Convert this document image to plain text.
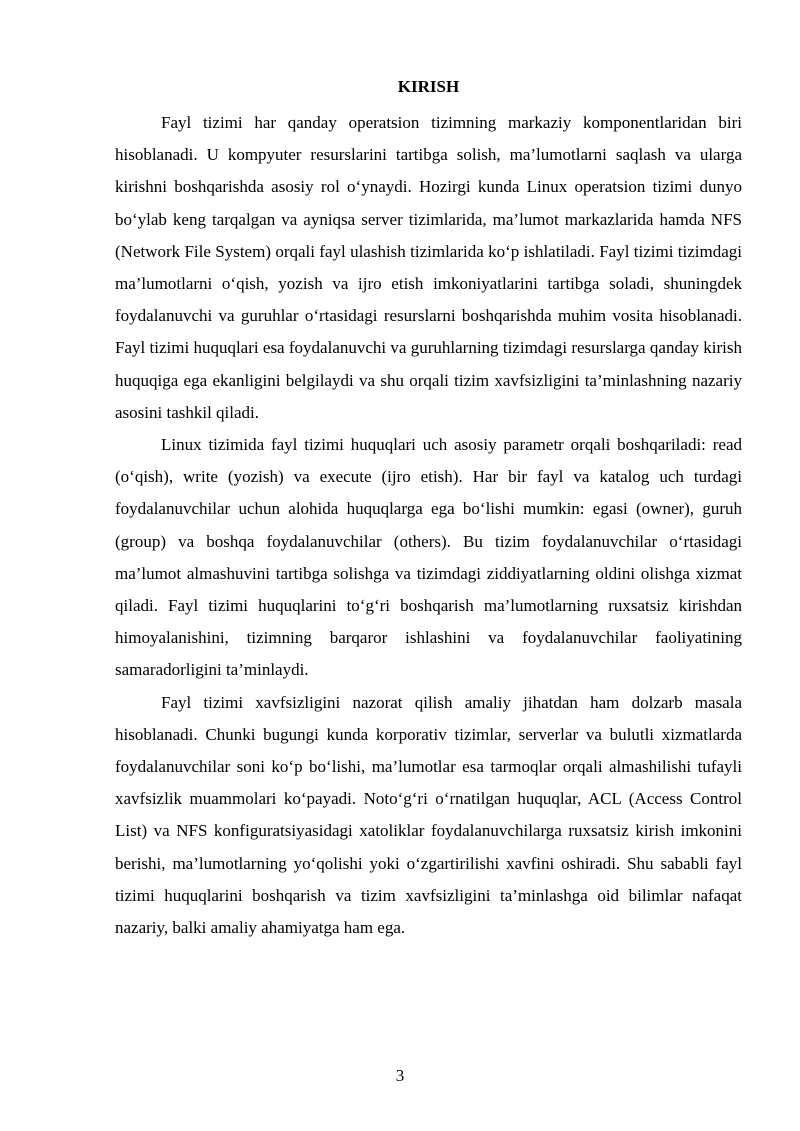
KIRISH

Fayl tizimi har qanday operatsion tizimning markaziy komponentlaridan biri hisoblanadi. U kompyuter resurslarini tartibga solish, ma’lumotlarni saqlash va ularga kirishni boshqarishda asosiy rol o‘ynaydi. Hozirgi kunda Linux operatsion tizimi dunyo bo‘ylab keng tarqalgan va ayniqsa server tizimlarida, ma’lumot markazlarida hamda NFS (Network File System) orqali fayl ulashish tizimlarida ko‘p ishlatiladi. Fayl tizimi tizimdagi ma’lumotlarni o‘qish, yozish va ijro etish imkoniyatlarini tartibga soladi, shuningdek foydalanuvchi va guruhlar o‘rtasidagi resurslarni boshqarishda muhim vosita hisoblanadi. Fayl tizimi huquqlari esa foydalanuvchi va guruhlarning tizimdagi resurslarga qanday kirish huquqiga ega ekanligini belgilaydi va shu orqali tizim xavfsizligini ta’minlashning nazariy asosini tashkil qiladi.

Linux tizimida fayl tizimi huquqlari uch asosiy parametr orqali boshqariladi: read (o‘qish), write (yozish) va execute (ijro etish). Har bir fayl va katalog uch turdagi foydalanuvchilar uchun alohida huquqlarga ega bo‘lishi mumkin: egasi (owner), guruh (group) va boshqa foydalanuvchilar (others). Bu tizim foydalanuvchilar o‘rtasidagi ma’lumot almashuvini tartibga solishga va tizimdagi ziddiyatlarning oldini olishga xizmat qiladi. Fayl tizimi huquqlarini to‘g‘ri boshqarish ma’lumotlarning ruxsatsiz kirishdan himoyalanishini, tizimning barqaror ishlashini va foydalanuvchilar faoliyatining samaradorligini ta’minlaydi.

Fayl tizimi xavfsizligini nazorat qilish amaliy jihatdan ham dolzarb masala hisoblanadi. Chunki bugungi kunda korporativ tizimlar, serverlar va bulutli xizmatlarda foydalanuvchilar soni ko‘p bo‘lishi, ma’lumotlar esa tarmoqlar orqali almashilishi tufayli xavfsizlik muammolari ko‘payadi. Noto‘g‘ri o‘rnatilgan huquqlar, ACL (Access Control List) va NFS konfiguratsiyasidagi xatoliklar foydalanuvchilarga ruxsatsiz kirish imkonini berishi, ma’lumotlarning yo‘qolishi yoki o‘zgartirilishi xavfini oshiradi. Shu sababli fayl tizimi huquqlarini boshqarish va tizim xavfsizligini ta’minlashga oid bilimlar nafaqat nazariy, balki amaliy ahamiyatga ham ega.

3
